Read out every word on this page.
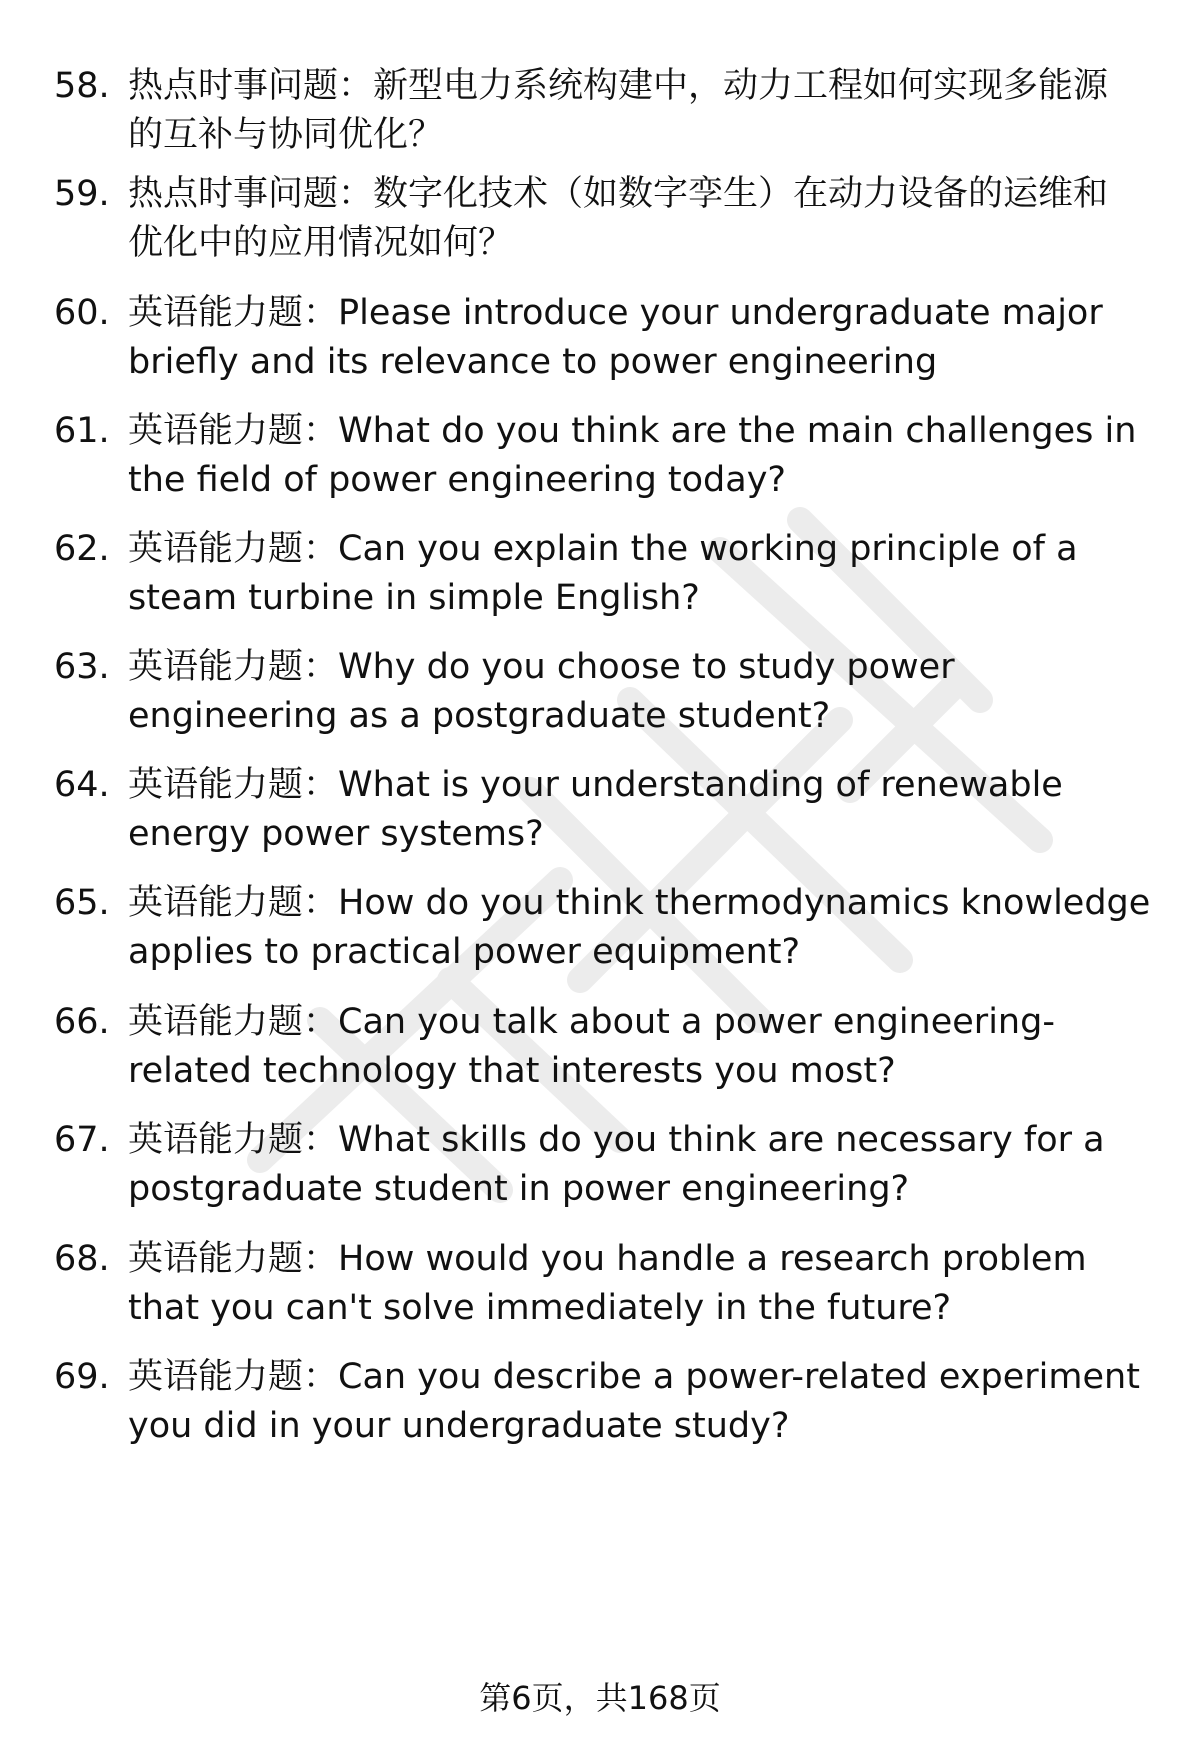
58. 热点时事问题：新型电力系统构建中，动力工程如何实现多能源
的互补与协同优化？
59. 热点时事问题：数字化技术（如数字孪生）在动力设备的运维和
优化中的应用情况如何？
60. 英语能力题：Please introduce your undergraduate major
briefly and its relevance to power engineering
61. 英语能力题：What do you think are the main challenges in
the field of power engineering today?
62. 英语能力题：Can you explain the working principle of a
steam turbine in simple English?
63. 英语能力题：Why do you choose to study power
engineering as a postgraduate student?
64. 英语能力题：What is your understanding of renewable
energy power systems?
65. 英语能力题：How do you think thermodynamics knowledge
applies to practical power equipment?
66. 英语能力题：Can you talk about a power engineering-
related technology that interests you most?
67. 英语能力题：What skills do you think are necessary for a
postgraduate student in power engineering?
68. 英语能力题：How would you handle a research problem
that you can't solve immediately in the future?
69. 英语能力题：Can you describe a power-related experiment
you did in your undergraduate study?
第6页，共168页
